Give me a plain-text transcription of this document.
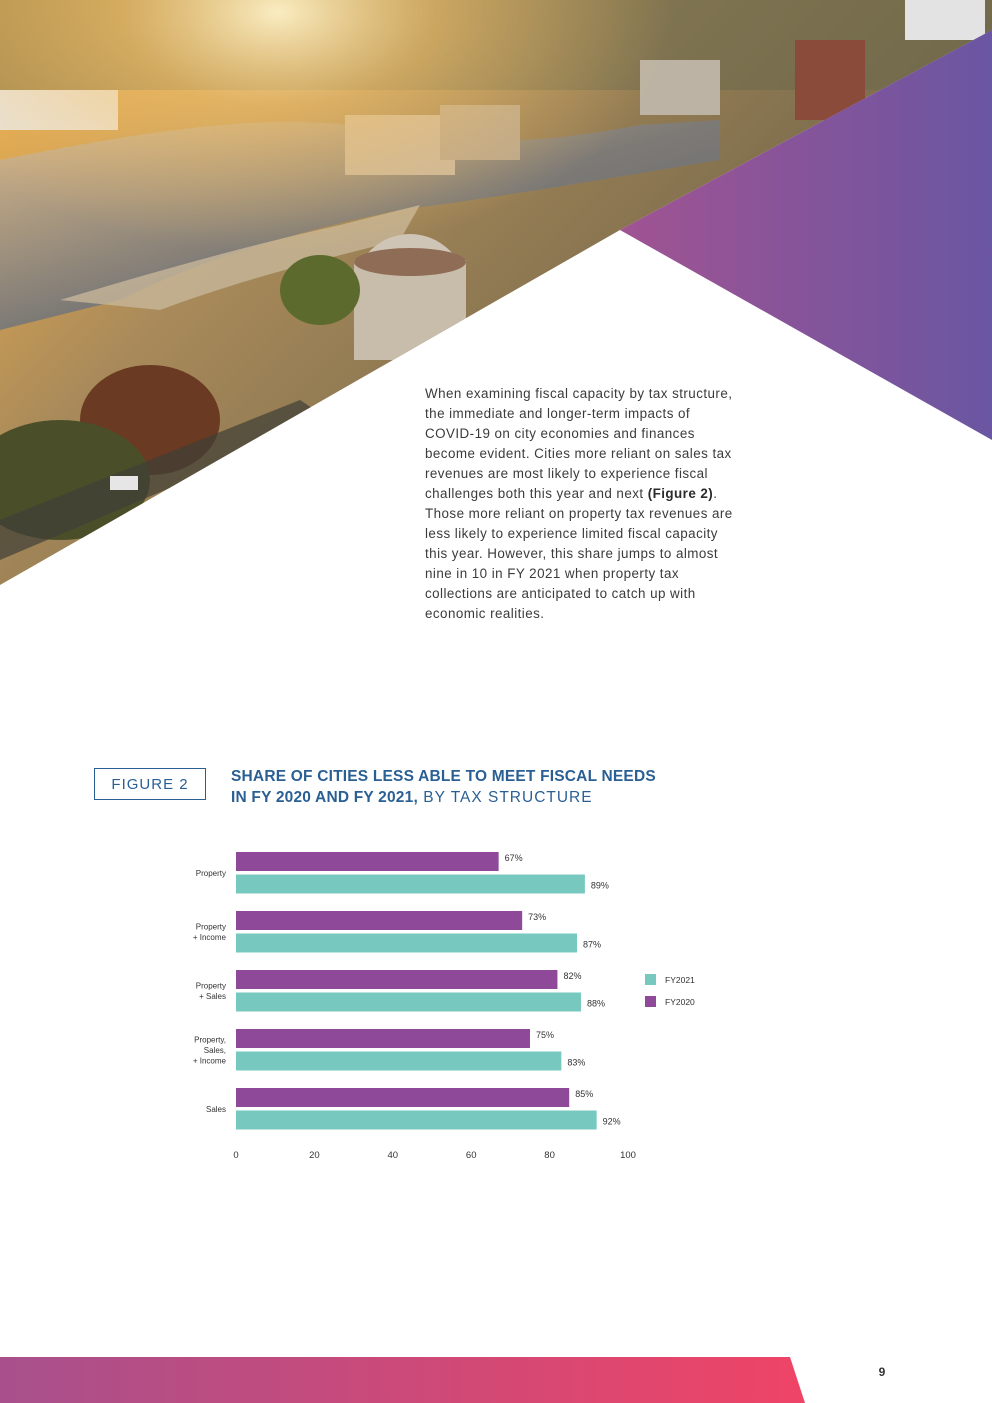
When examining fiscal capacity by tax structure, the immediate and longer-term impacts of COVID-19 on city economies and finances become evident. Cities more reliant on sales tax revenues are most likely to experience fiscal challenges both this year and next (Figure 2). Those more reliant on property tax revenues are less likely to experience limited fiscal capacity this year. However, this share jumps to almost nine in 10 in FY 2021 when property tax collections are anticipated to catch up with economic realities.

FIGURE 2	SHARE OF CITIES LESS ABLE TO MEET FISCAL NEEDS
IN FY 2020 AND FY 2021, BY TAX STRUCTURE
67%
89%
Property
73%
87%
Property
+ Income
82%
88%
Property
+ Sales
75%
83%
Property,
Sales,
+ Income
85%
92%
Sales
0	20	40	60	80	100
FY2021
FY2020
9
